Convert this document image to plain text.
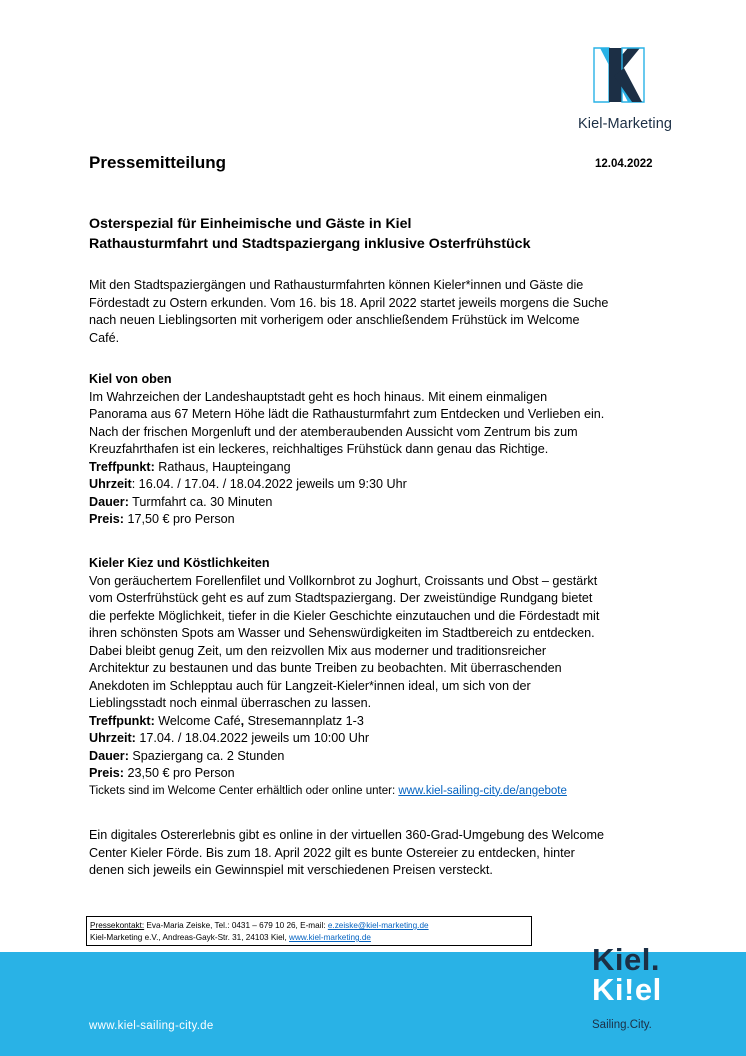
Kiel-Marketing
Pressemitteilung	12.04.2022
Osterspezial für Einheimische und Gäste in Kiel
Rathausturmfahrt und Stadtspaziergang inklusive Osterfrühstück
Mit den Stadtspaziergängen und Rathausturmfahrten können Kieler*innen und Gäste die
Fördestadt zu Ostern erkunden. Vom 16. bis 18. April 2022 startet jeweils morgens die Suche
nach neuen Lieblingsorten mit vorherigem oder anschließendem Frühstück im Welcome
Café.
Kiel von oben
Im Wahrzeichen der Landeshauptstadt geht es hoch hinaus. Mit einem einmaligen
Panorama aus 67 Metern Höhe lädt die Rathausturmfahrt zum Entdecken und Verlieben ein.
Nach der frischen Morgenluft und der atemberaubenden Aussicht vom Zentrum bis zum
Kreuzfahrthafen ist ein leckeres, reichhaltiges Frühstück dann genau das Richtige.
Treffpunkt: Rathaus, Haupteingang
Uhrzeit: 16.04. / 17.04. / 18.04.2022 jeweils um 9:30 Uhr
Dauer: Turmfahrt ca. 30 Minuten
Preis: 17,50 € pro Person
Kieler Kiez und Köstlichkeiten
Von geräuchertem Forellenfilet und Vollkornbrot zu Joghurt, Croissants und Obst – gestärkt
vom Osterfrühstück geht es auf zum Stadtspaziergang. Der zweistündige Rundgang bietet
die perfekte Möglichkeit, tiefer in die Kieler Geschichte einzutauchen und die Fördestadt mit
ihren schönsten Spots am Wasser und Sehenswürdigkeiten im Stadtbereich zu entdecken.
Dabei bleibt genug Zeit, um den reizvollen Mix aus moderner und traditionsreicher
Architektur zu bestaunen und das bunte Treiben zu beobachten. Mit überraschenden
Anekdoten im Schlepptau auch für Langzeit-Kieler*innen ideal, um sich von der
Lieblingsstadt noch einmal überraschen zu lassen.
Treffpunkt: Welcome Café, Stresemannplatz 1-3
Uhrzeit: 17.04. / 18.04.2022 jeweils um 10:00 Uhr
Dauer: Spaziergang ca. 2 Stunden
Preis: 23,50 € pro Person
Tickets sind im Welcome Center erhältlich oder online unter: www.kiel-sailing-city.de/angebote
Ein digitales Ostererlebnis gibt es online in der virtuellen 360-Grad-Umgebung des Welcome
Center Kieler Förde. Bis zum 18. April 2022 gilt es bunte Ostereier zu entdecken, hinter
denen sich jeweils ein Gewinnspiel mit verschiedenen Preisen versteckt.
Pressekontakt: Eva-Maria Zeiske, Tel.: 0431 – 679 10 26, E-mail: e.zeiske@kiel-marketing.de
Kiel-Marketing e.V., Andreas-Gayk-Str. 31, 24103 Kiel, www.kiel-marketing.de
www.kiel-sailing-city.de
Kiel.
Ki!el
Sailing.City.
